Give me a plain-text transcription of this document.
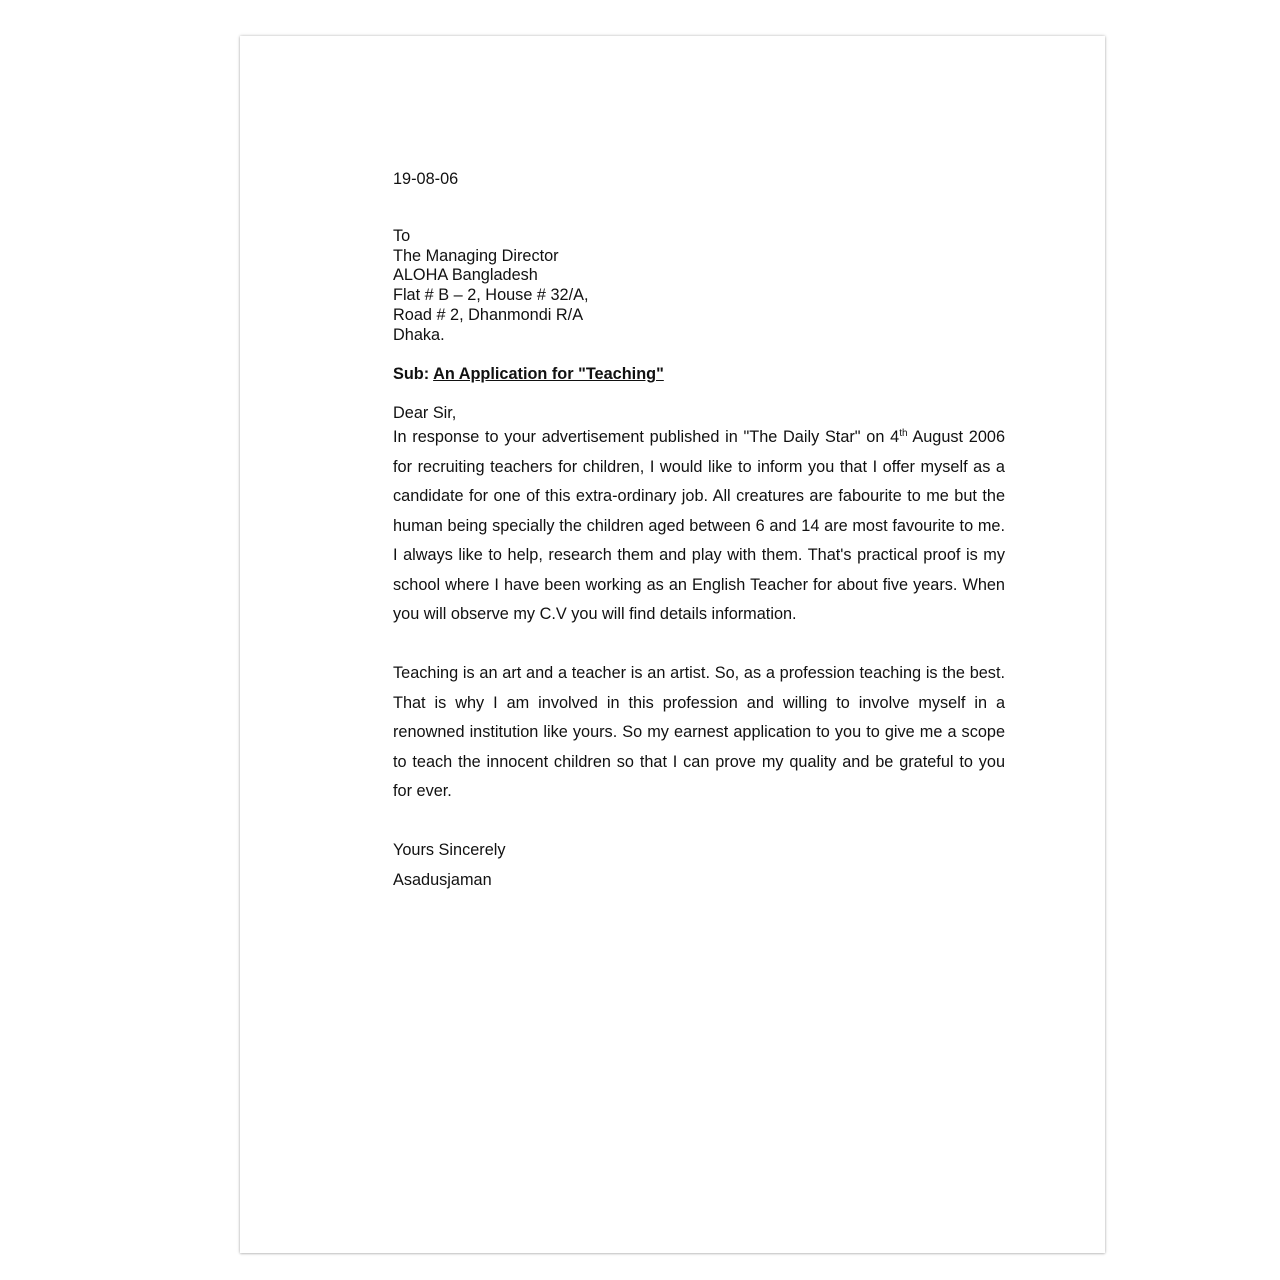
19-08-06
To
The Managing Director
ALOHA Bangladesh
Flat # B – 2, House # 32/A,
Road # 2, Dhanmondi R/A
Dhaka.
Sub: An Application for "Teaching"
Dear Sir,

In response to your advertisement published in "The Daily Star" on 4th August 2006 for recruiting teachers for children, I would like to inform you that I offer myself as a candidate for one of this extra-ordinary job. All creatures are fabourite to me but the human being specially the children aged between 6 and 14 are most favourite to me. I always like to help, research them and play with them. That's practical proof is my school where I have been working as an English Teacher for about five years. When you will observe my C.V you will find details information.

Teaching is an art and a teacher is an artist. So, as a profession teaching is the best. That is why I am involved in this profession and willing to involve myself in a renowned institution like yours. So my earnest application to you to give me a scope to teach the innocent children so that I can prove my quality and be grateful to you for ever.

Yours Sincerely
Asadusjaman
